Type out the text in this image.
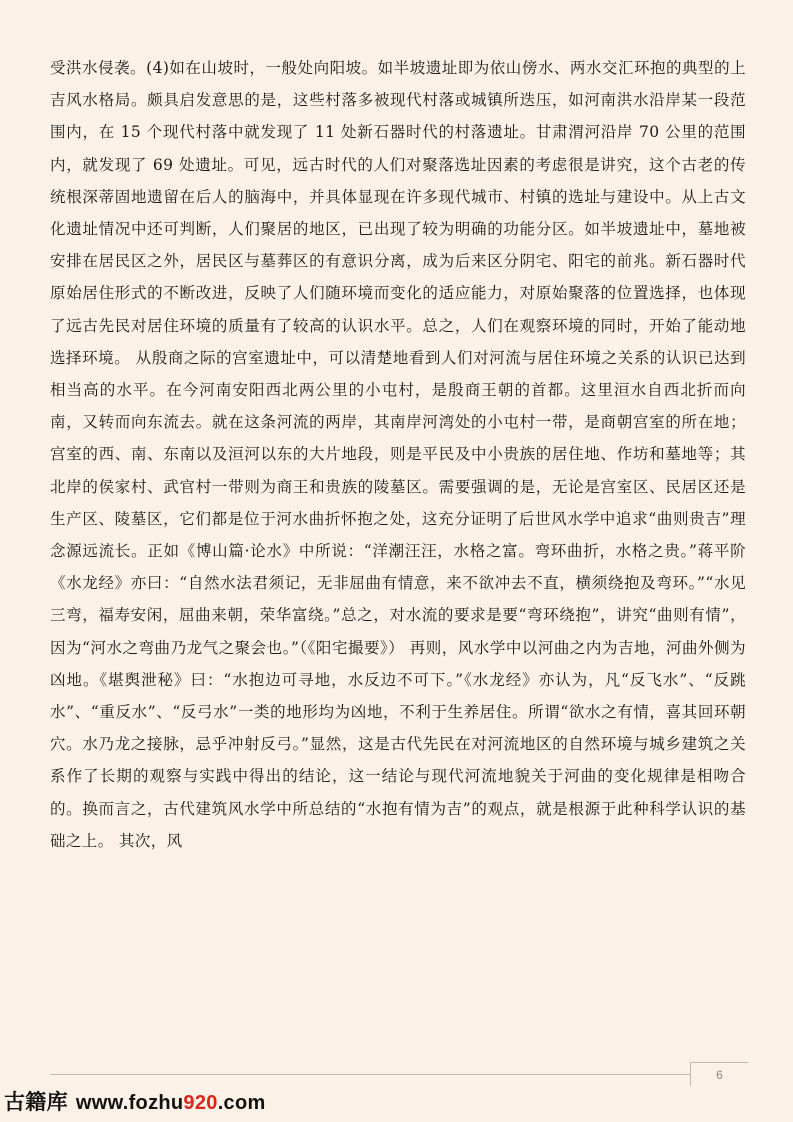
受洪水侵袭。(4)如在山坡时，一般处向阳坡。如半坡遗址即为依山傍水、两水交汇环抱的典型的上吉风水格局。颇具启发意思的是，这些村落多被现代村落或城镇所迭压，如河南洪水沿岸某一段范围内，在 15 个现代村落中就发现了 11 处新石器时代的村落遗址。甘肃渭河沿岸 70 公里的范围内，就发现了 69 处遗址。可见，远古时代的人们对聚落选址因素的考虑很是讲究，这个古老的传统根深蒂固地遗留在后人的脑海中，并具体显现在许多现代城市、村镇的选址与建设中。从上古文化遗址情况中还可判断，人们聚居的地区，已出现了较为明确的功能分区。如半坡遗址中，墓地被安排在居民区之外，居民区与墓葬区的有意识分离，成为后来区分阴宅、阳宅的前兆。新石器时代原始居住形式的不断改进，反映了人们随环境而变化的适应能力，对原始聚落的位置选择，也体现了远古先民对居住环境的质量有了较高的认识水平。总之，人们在观察环境的同时，开始了能动地选择环境。 从殷商之际的宫室遗址中，可以清楚地看到人们对河流与居住环境之关系的认识已达到相当高的水平。在今河南安阳西北两公里的小屯村，是殷商王朝的首都。这里洹水自西北折而向南，又转而向东流去。就在这条河流的两岸，其南岸河湾处的小屯村一带，是商朝宫室的所在地；宫室的西、南、东南以及洹河以东的大片地段，则是平民及中小贵族的居住地、作坊和墓地等；其北岸的侯家村、武官村一带则为商王和贵族的陵墓区。需要强调的是，无论是宫室区、民居区还是生产区、陵墓区，它们都是位于河水曲折怀抱之处，这充分证明了后世风水学中追求“曲则贵吉”理念源远流长。正如《博山篇·论水》中所说：“洋潮汪汪，水格之富。弯环曲折，水格之贵。”蒋平阶《水龙经》亦曰：“自然水法君须记，无非屈曲有情意，来不欲冲去不直，横须绕抱及弯环。”“水见三弯，福寿安闲，屈曲来朝，荣华富绕。”总之，对水流的要求是要“弯环绕抱”，讲究“曲则有情”，因为“河水之弯曲乃龙气之聚会也。”（《阳宅撮要》） 再则，风水学中以河曲之内为吉地，河曲外侧为凶地。《堪舆泄秘》曰：“水抱边可寻地，水反边不可下。”《水龙经》亦认为，凡“反飞水”、“反跳水”、“重反水”、“反弓水”一类的地形均为凶地，不利于生养居住。所谓“欲水之有情，喜其回环朝穴。水乃龙之接脉，忌乎冲射反弓。”显然，这是古代先民在对河流地区的自然环境与城乡建筑之关系作了长期的观察与实践中得出的结论，这一结论与现代河流地貌关于河曲的变化规律是相吻合的。换而言之，古代建筑风水学中所总结的“水抱有情为吉”的观点，就是根源于此种科学认识的基础之上。 其次，风

6
古籍库 www.fozhu920.com
